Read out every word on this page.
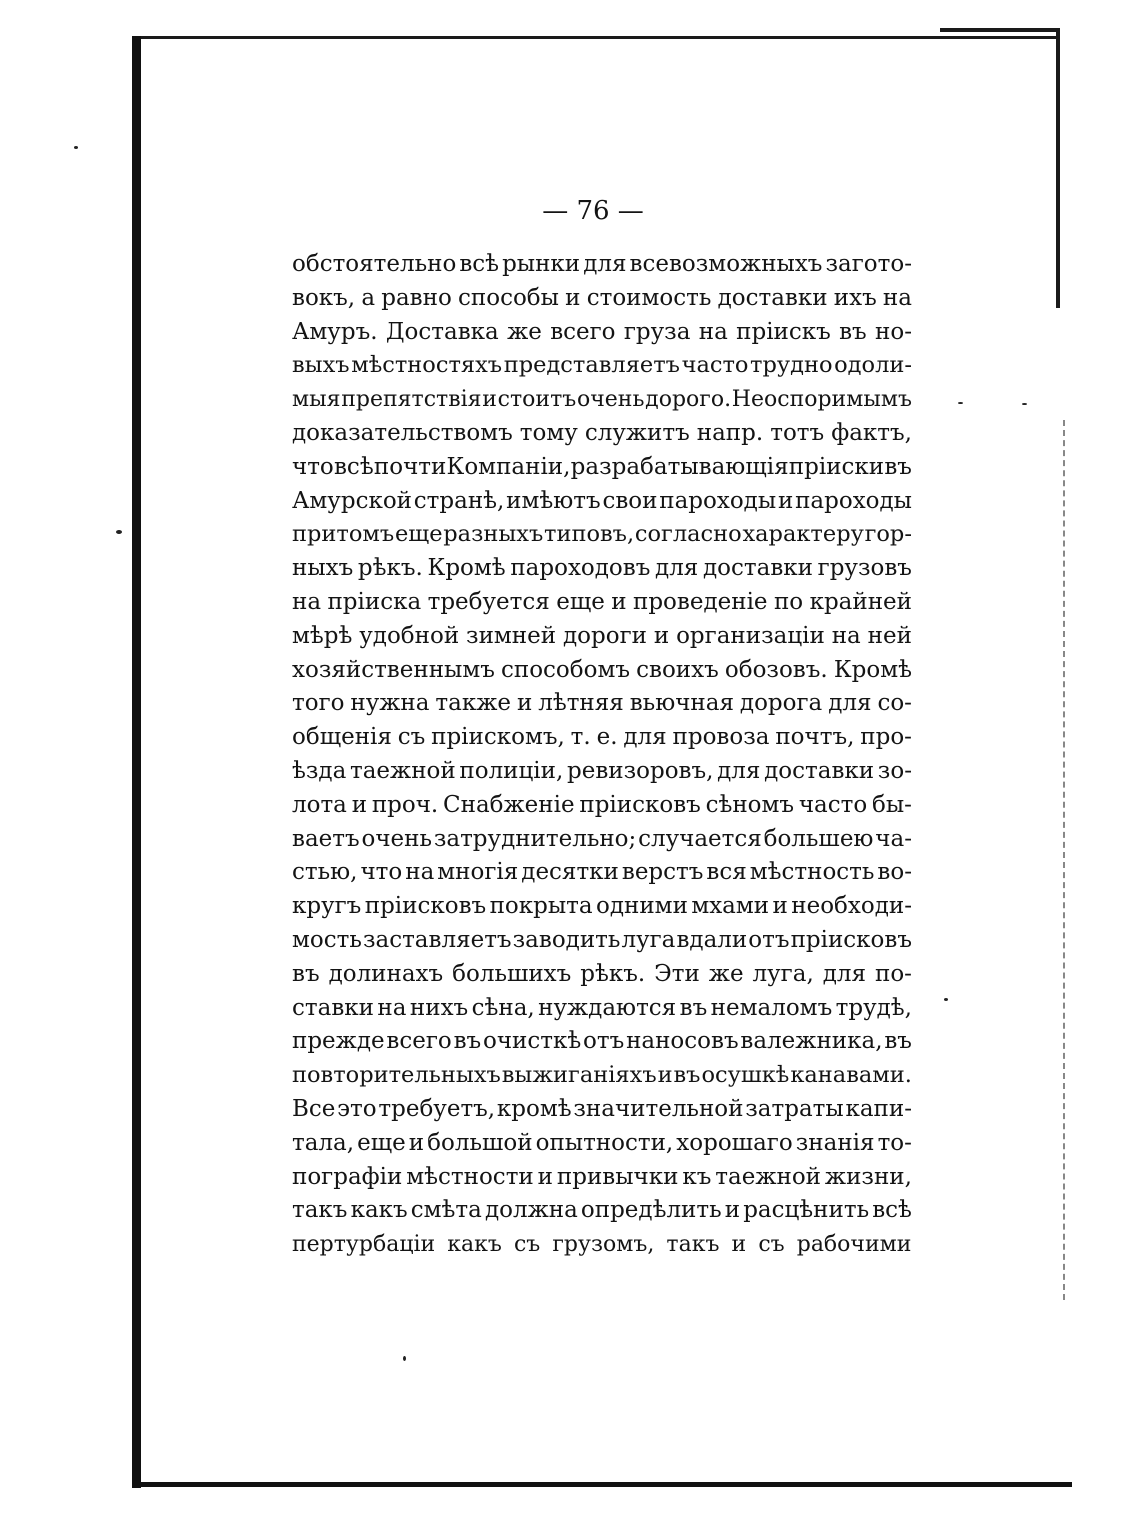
— 76 —
обстоятельно всѣ рынки для всевозможныхъ загото-
вокъ, а равно способы и стоимость доставки ихъ на
Амуръ. Доставка же всего груза на пріискъ въ но-
выхъ мѣстностяхъ представляетъ часто трудно одоли-
мыя препятствія и стоитъ очень дорого. Неоспоримымъ
доказательствомъ тому служитъ напр. тотъ фактъ,
что всѣ почти Компаніи, разрабатывающія пріиски въ
Амурской странѣ, имѣютъ свои пароходы и пароходы
притомъ еще разныхъ типовъ, согласно характеру гор-
ныхъ рѣкъ. Кромѣ пароходовъ для доставки грузовъ
на пріиска требуется еще и проведеніе по крайней
мѣрѣ удобной зимней дороги и организаціи на ней
хозяйственнымъ способомъ своихъ обозовъ. Кромѣ
того нужна также и лѣтняя вьючная дорога для со-
общенія съ пріискомъ, т. е. для провоза почтъ, про-
ѣзда таежной полиціи, ревизоровъ, для доставки зо-
лота и проч. Снабженіе пріисковъ сѣномъ часто бы-
ваетъ очень затруднительно; случается большею ча-
стью, что на многія десятки верстъ вся мѣстность во-
кругъ пріисковъ покрыта одними мхами и необходи-
мость заставляетъ заводить луга вдали отъ пріисковъ
въ долинахъ большихъ рѣкъ. Эти же луга, для по-
ставки на нихъ сѣна, нуждаются въ немаломъ трудѣ,
прежде всего въ очисткѣ отъ наносовъ валежника, въ
повторительныхъ выжиганіяхъ и въ осушкѣ канавами.
Все это требуетъ, кромѣ значительной затраты капи-
тала, еще и большой опытности, хорошаго знанія то-
пографіи мѣстности и привычки къ таежной жизни,
такъ какъ смѣта должна опредѣлить и расцѣнить всѣ
пертурбаціи какъ съ грузомъ, такъ и съ рабочими
